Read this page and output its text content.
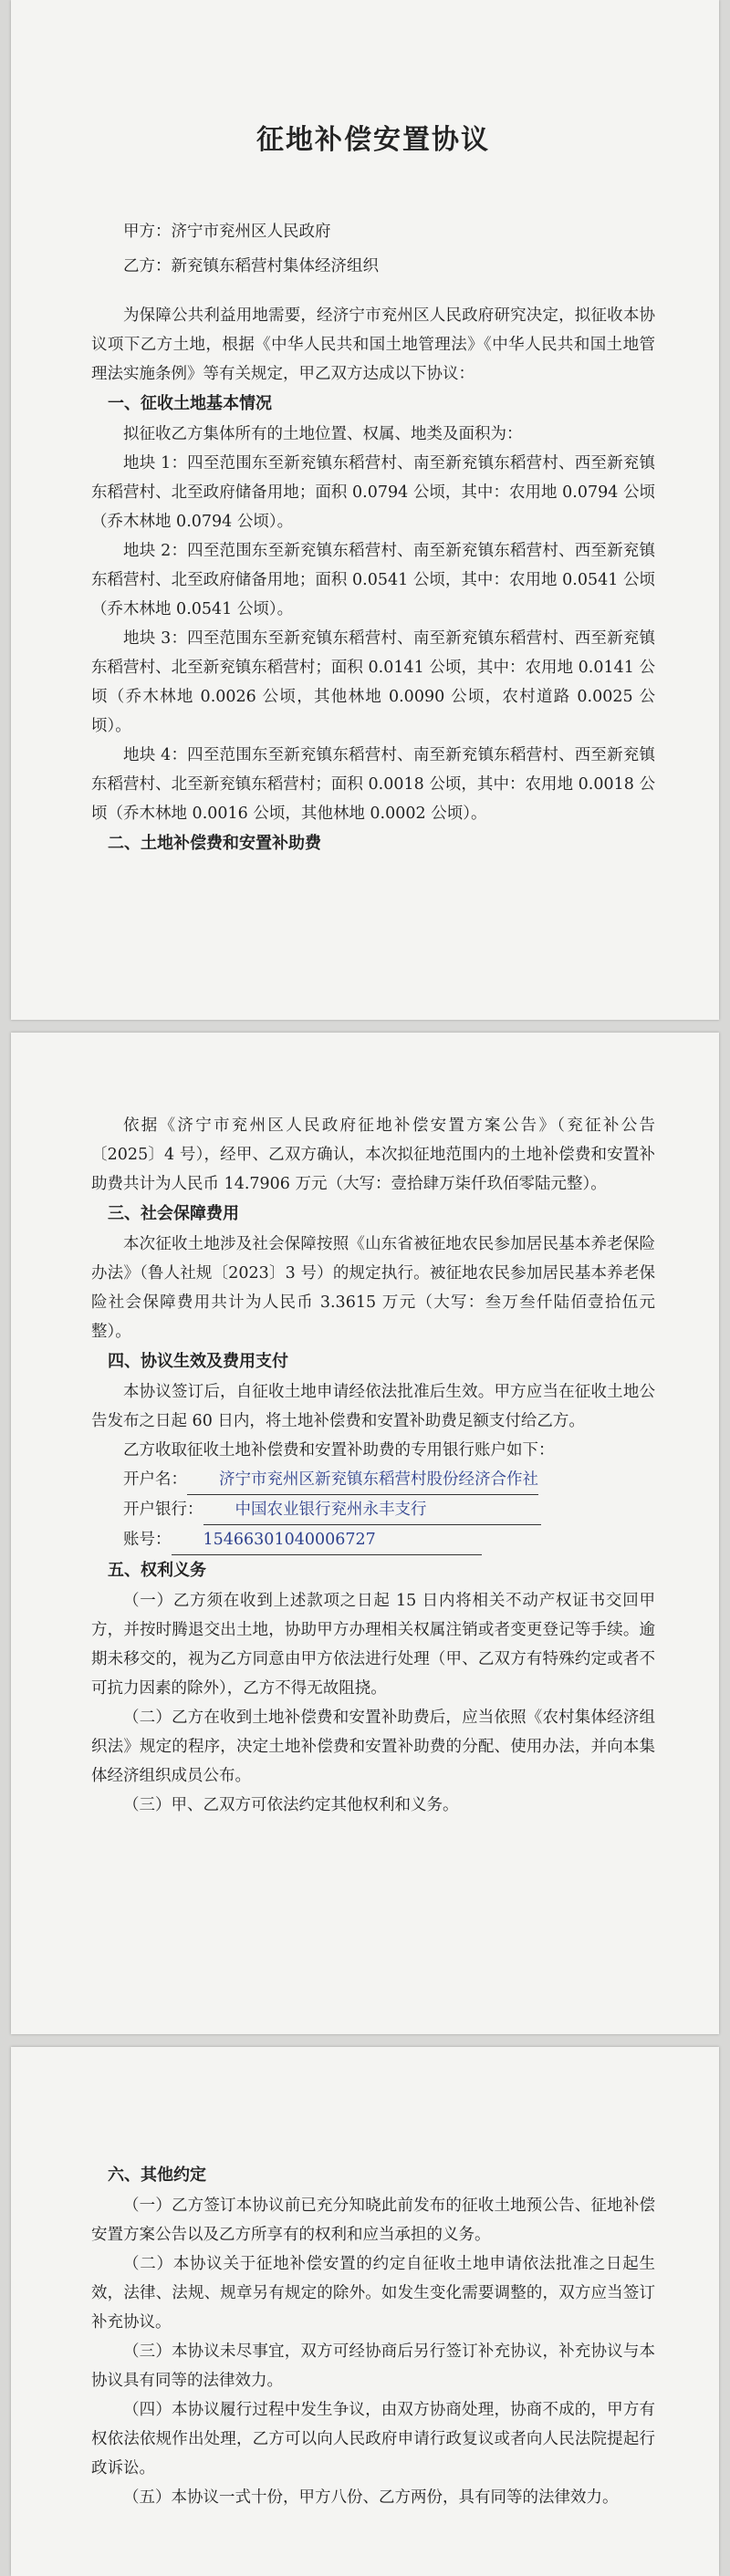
征地补偿安置协议

甲方：济宁市兖州区人民政府

乙方：新兖镇东稻营村集体经济组织

为保障公共利益用地需要，经济宁市兖州区人民政府研究决定，拟征收本协议项下乙方土地，根据《中华人民共和国土地管理法》《中华人民共和国土地管理法实施条例》等有关规定，甲乙双方达成以下协议：

一、征收土地基本情况

拟征收乙方集体所有的土地位置、权属、地类及面积为：

地块 1：四至范围东至新兖镇东稻营村、南至新兖镇东稻营村、西至新兖镇东稻营村、北至政府储备用地；面积 0.0794 公顷，其中：农用地 0.0794 公顷（乔木林地 0.0794 公顷）。

地块 2：四至范围东至新兖镇东稻营村、南至新兖镇东稻营村、西至新兖镇东稻营村、北至政府储备用地；面积 0.0541 公顷，其中：农用地 0.0541 公顷（乔木林地 0.0541 公顷）。

地块 3：四至范围东至新兖镇东稻营村、南至新兖镇东稻营村、西至新兖镇东稻营村、北至新兖镇东稻营村；面积 0.0141 公顷，其中：农用地 0.0141 公顷（乔木林地 0.0026 公顷，其他林地 0.0090 公顷，农村道路 0.0025 公顷）。

地块 4：四至范围东至新兖镇东稻营村、南至新兖镇东稻营村、西至新兖镇东稻营村、北至新兖镇东稻营村；面积 0.0018 公顷，其中：农用地 0.0018 公顷（乔木林地 0.0016 公顷，其他林地 0.0002 公顷）。

二、土地补偿费和安置补助费

依据《济宁市兖州区人民政府征地补偿安置方案公告》（兖征补公告〔2025〕4 号），经甲、乙双方确认，本次拟征地范围内的土地补偿费和安置补助费共计为人民币 14.7906 万元（大写：壹拾肆万柒仟玖佰零陆元整）。

三、社会保障费用

本次征收土地涉及社会保障按照《山东省被征地农民参加居民基本养老保险办法》（鲁人社规〔2023〕3 号）的规定执行。被征地农民参加居民基本养老保险社会保障费用共计为人民币 3.3615 万元（大写：叁万叁仟陆佰壹拾伍元整）。

四、协议生效及费用支付

本协议签订后，自征收土地申请经依法批准后生效。甲方应当在征收土地公告发布之日起 60 日内，将土地补偿费和安置补助费足额支付给乙方。

乙方收取征收土地补偿费和安置补助费的专用银行账户如下：

开户名： 济宁市兖州区新兖镇东稻营村股份经济合作社

开户银行： 中国农业银行兖州永丰支行

账号： 15466301040006727

五、权利义务

（一）乙方须在收到上述款项之日起 15 日内将相关不动产权证书交回甲方，并按时腾退交出土地，协助甲方办理相关权属注销或者变更登记等手续。逾期未移交的，视为乙方同意由甲方依法进行处理（甲、乙双方有特殊约定或者不可抗力因素的除外），乙方不得无故阻挠。

（二）乙方在收到土地补偿费和安置补助费后，应当依照《农村集体经济组织法》规定的程序，决定土地补偿费和安置补助费的分配、使用办法，并向本集体经济组织成员公布。

（三）甲、乙双方可依法约定其他权利和义务。

六、其他约定

（一）乙方签订本协议前已充分知晓此前发布的征收土地预公告、征地补偿安置方案公告以及乙方所享有的权利和应当承担的义务。

（二）本协议关于征地补偿安置的约定自征收土地申请依法批准之日起生效，法律、法规、规章另有规定的除外。如发生变化需要调整的，双方应当签订补充协议。

（三）本协议未尽事宜，双方可经协商后另行签订补充协议，补充协议与本协议具有同等的法律效力。

（四）本协议履行过程中发生争议，由双方协商处理，协商不成的，甲方有权依法依规作出处理，乙方可以向人民政府申请行政复议或者向人民法院提起行政诉讼。

（五）本协议一式十份，甲方八份、乙方两份，具有同等的法律效力。
